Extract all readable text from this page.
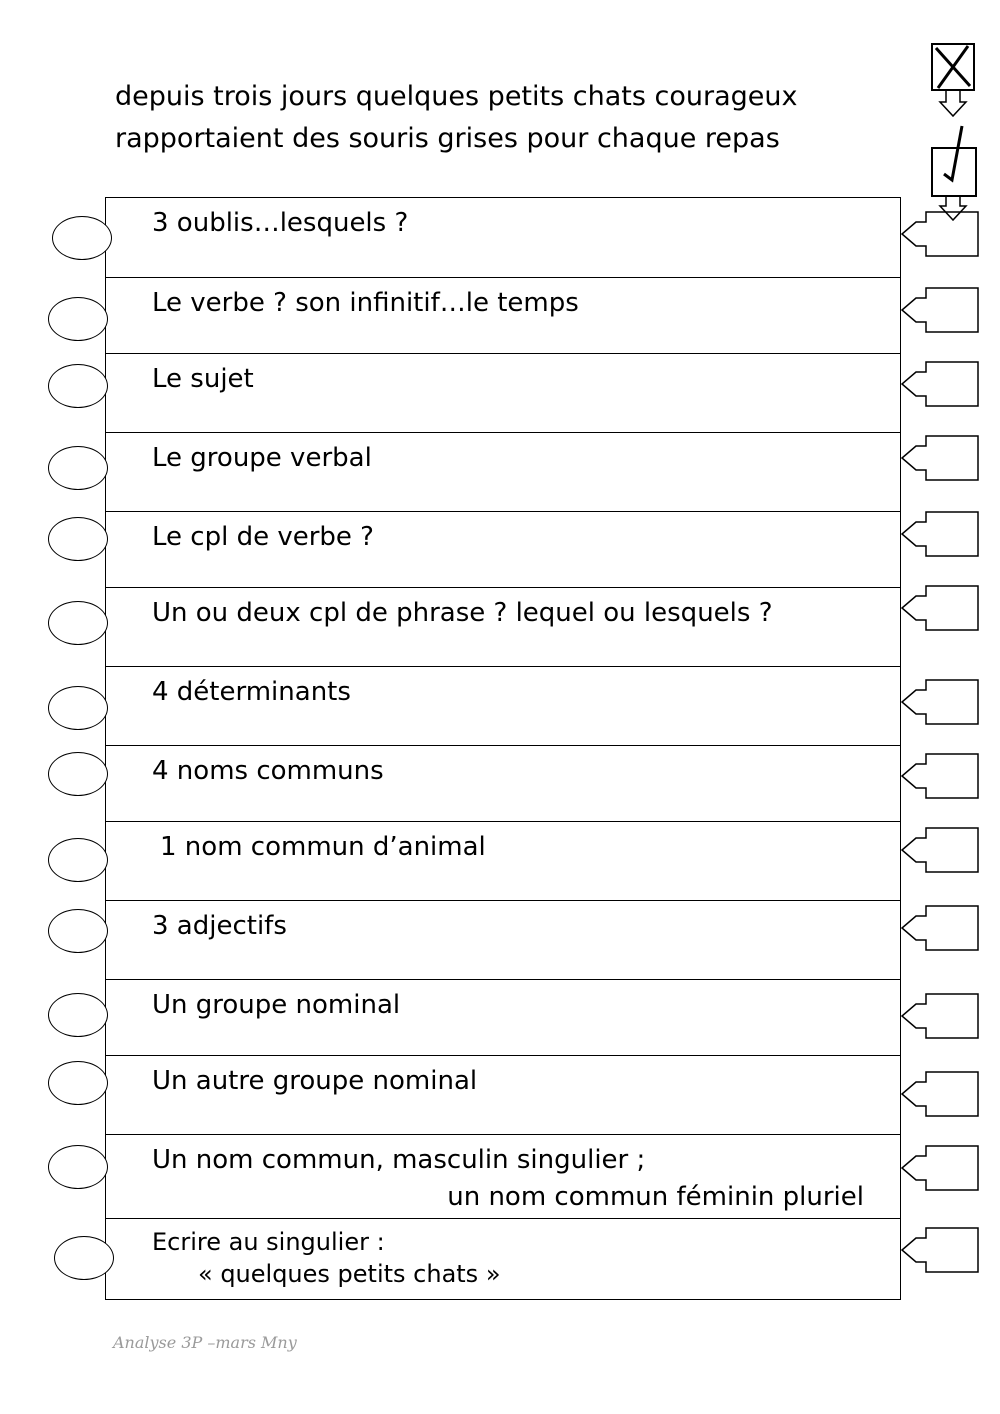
depuis trois jours quelques petits chats courageux
rapportaient des souris grises pour chaque repas
3 oublis…lesquels ?
Le verbe ? son infinitif…le temps
Le sujet
Le groupe verbal
Le cpl de verbe ?
Un ou deux cpl de phrase ? lequel ou lesquels ?
4 déterminants
4 noms communs
1 nom commun d’animal
3 adjectifs
Un groupe nominal
Un autre groupe nominal
Un nom commun, masculin singulier ;
un nom commun féminin pluriel
Ecrire au singulier :
« quelques petits chats »
Analyse 3P –mars Mny
